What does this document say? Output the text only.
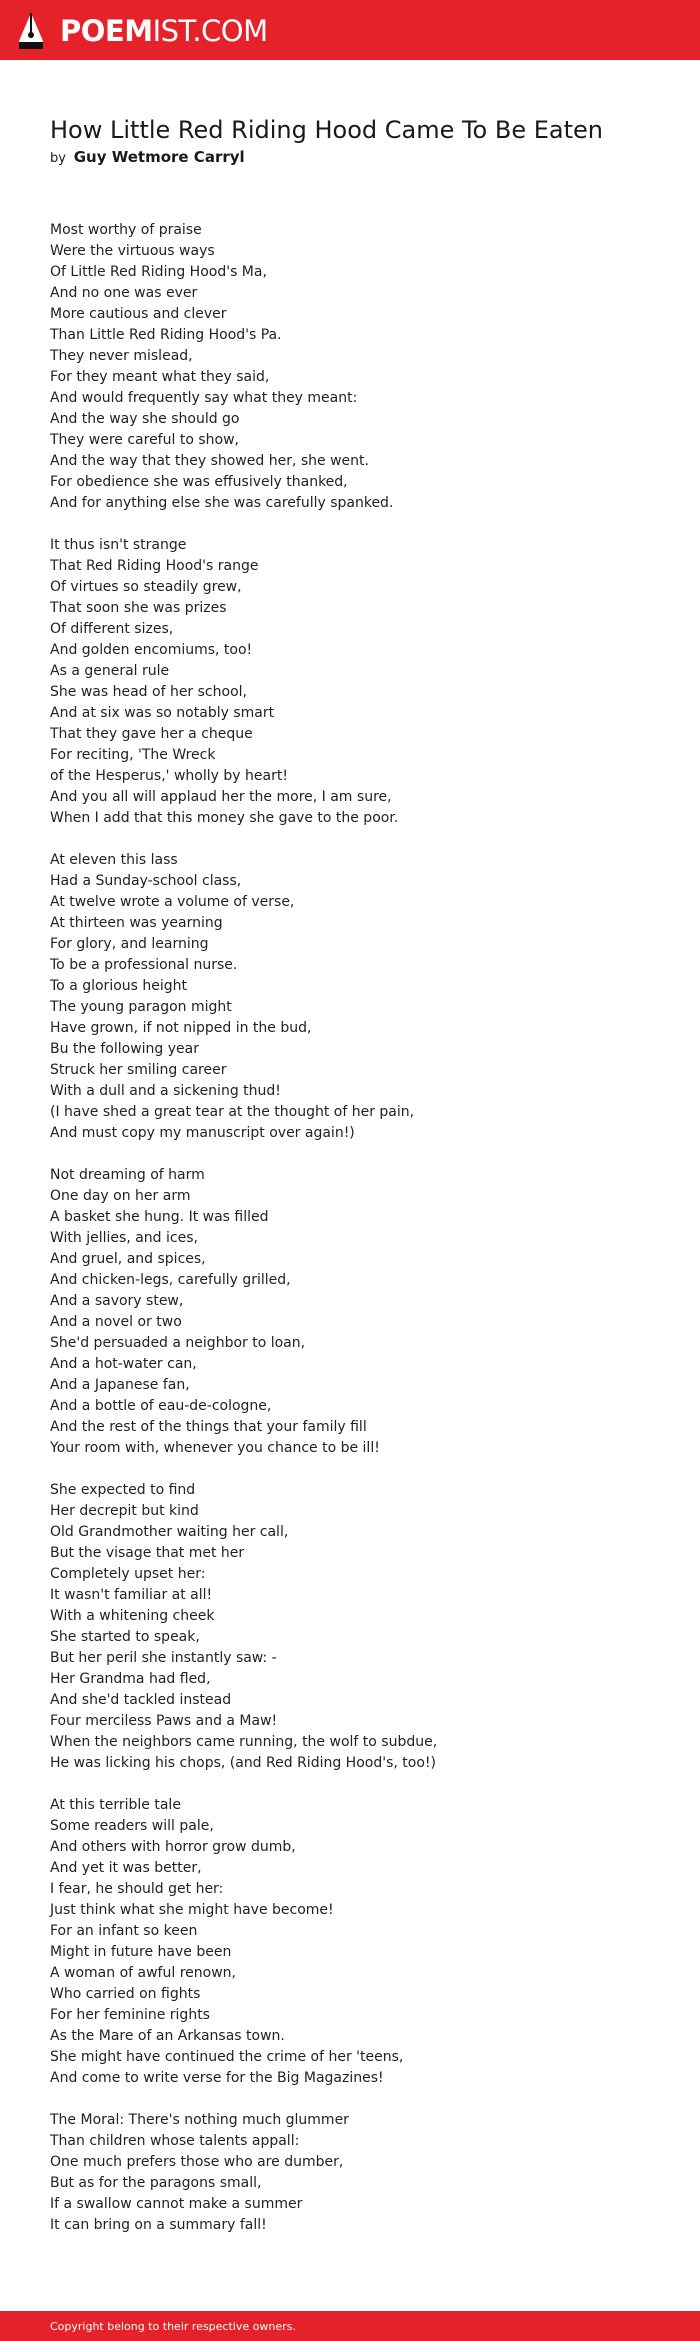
POEMIST.COM
How Little Red Riding Hood Came To Be Eaten
by Guy Wetmore Carryl
Most worthy of praise
Were the virtuous ways
Of Little Red Riding Hood's Ma,
And no one was ever
More cautious and clever
Than Little Red Riding Hood's Pa.
They never mislead,
For they meant what they said,
And would frequently say what they meant:
And the way she should go
They were careful to show,
And the way that they showed her, she went.
For obedience she was effusively thanked,
And for anything else she was carefully spanked.
It thus isn't strange
That Red Riding Hood's range
Of virtues so steadily grew,
That soon she was prizes
Of different sizes,
And golden encomiums, too!
As a general rule
She was head of her school,
And at six was so notably smart
That they gave her a cheque
For reciting, 'The Wreck
of the Hesperus,' wholly by heart!
And you all will applaud her the more, I am sure,
When I add that this money she gave to the poor.
At eleven this lass
Had a Sunday-school class,
At twelve wrote a volume of verse,
At thirteen was yearning
For glory, and learning
To be a professional nurse.
To a glorious height
The young paragon might
Have grown, if not nipped in the bud,
Bu the following year
Struck her smiling career
With a dull and a sickening thud!
(I have shed a great tear at the thought of her pain,
And must copy my manuscript over again!)
Not dreaming of harm
One day on her arm
A basket she hung. It was filled
With jellies, and ices,
And gruel, and spices,
And chicken-legs, carefully grilled,
And a savory stew,
And a novel or two
She'd persuaded a neighbor to loan,
And a hot-water can,
And a Japanese fan,
And a bottle of eau-de-cologne,
And the rest of the things that your family fill
Your room with, whenever you chance to be ill!
She expected to find
Her decrepit but kind
Old Grandmother waiting her call,
But the visage that met her
Completely upset her:
It wasn't familiar at all!
With a whitening cheek
She started to speak,
But her peril she instantly saw: -
Her Grandma had fled,
And she'd tackled instead
Four merciless Paws and a Maw!
When the neighbors came running, the wolf to subdue,
He was licking his chops, (and Red Riding Hood's, too!)
At this terrible tale
Some readers will pale,
And others with horror grow dumb,
And yet it was better,
I fear, he should get her:
Just think what she might have become!
For an infant so keen
Might in future have been
A woman of awful renown,
Who carried on fights
For her feminine rights
As the Mare of an Arkansas town.
She might have continued the crime of her 'teens,
And come to write verse for the Big Magazines!
The Moral: There's nothing much glummer
Than children whose talents appall:
One much prefers those who are dumber,
But as for the paragons small,
If a swallow cannot make a summer
It can bring on a summary fall!
Copyright belong to their respective owners.
